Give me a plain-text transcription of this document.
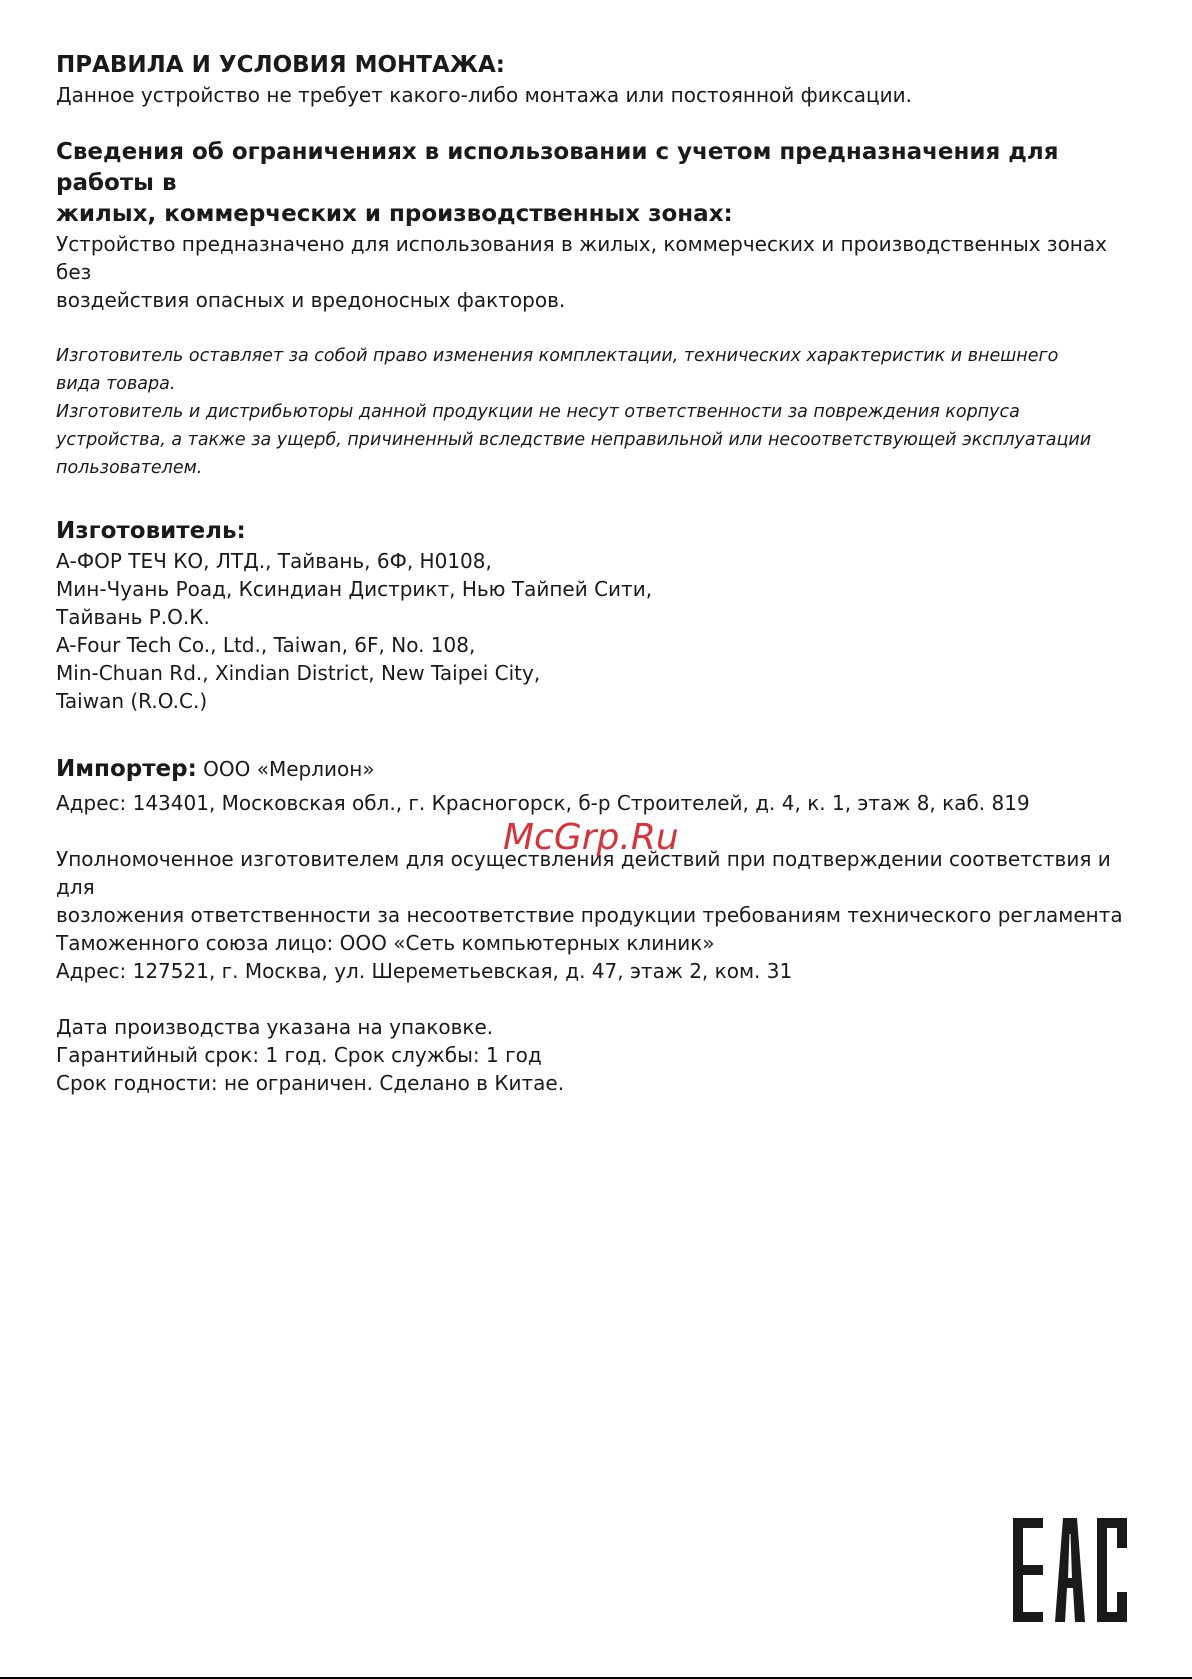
ПРАВИЛА И УСЛОВИЯ МОНТАЖА:

Данное устройство не требует какого-либо монтажа или постоянной фиксации.

Сведения об ограничениях в использовании с учетом предназначения для работы в

жилых, коммерческих и производственных зонах:

Устройство предназначено для использования в жилых, коммерческих и производственных зонах без

воздействия опасных и вредоносных факторов.

Изготовитель оставляет за собой право изменения комплектации, технических характеристик и внешнего

вида товара.

Изготовитель и дистрибьюторы данной продукции не несут ответственности за повреждения корпуса

устройства, а также за ущерб, причиненный вследствие неправильной или несоответствующей эксплуатации

пользователем.

Изготовитель:

А-ФОР ТЕЧ КО, ЛТД., Тайвань, 6Ф, Н0108,

Мин-Чуань Роад, Ксиндиан Дистрикт, Нью Тайпей Сити,

Тайвань Р.О.К.

A-Four Tech Co., Ltd., Taiwan, 6F, No. 108,

Min-Chuan Rd., Xindian District, New Taipei City,

Taiwan (R.O.C.)

Импортер: ООО «Мерлион»

Адрес: 143401, Московская обл., г. Красногорск, б-р Строителей, д. 4, к. 1, этаж 8, каб. 819

Уполномоченное изготовителем для осуществления действий при подтверждении соответствия и для

возложения ответственности за несоответствие продукции требованиям технического регламента

Таможенного союза лицо: ООО «Сеть компьютерных клиник»

Адрес: 127521, г. Москва, ул. Шереметьевская, д. 47, этаж 2, ком. 31

Дата производства указана на упаковке.

Гарантийный срок: 1 год. Срок службы: 1 год

Срок годности: не ограничен. Сделано в Китае.

McGrp.Ru
